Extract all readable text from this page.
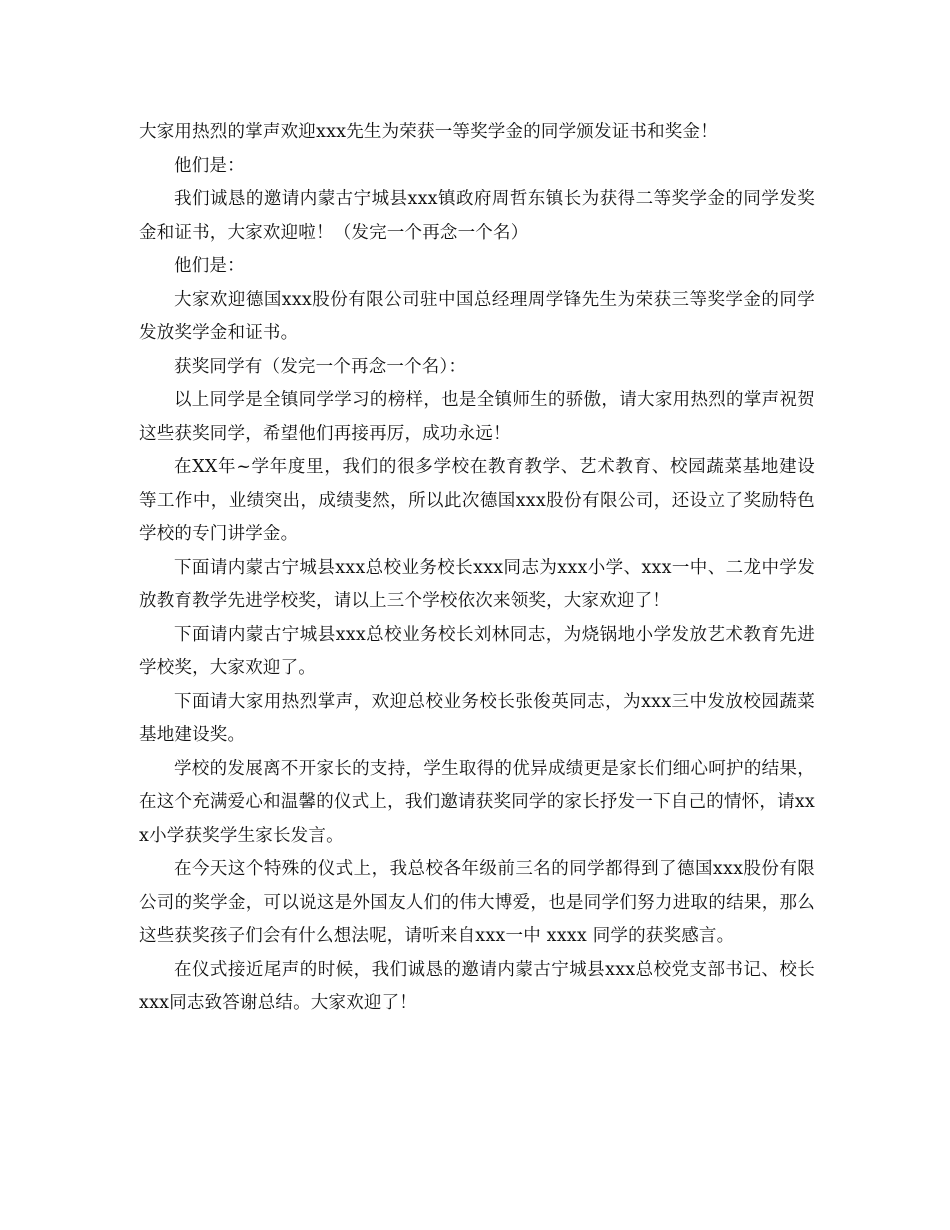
大家用热烈的掌声欢迎xxx先生为荣获一等奖学金的同学颁发证书和奖金！

他们是：

我们诚恳的邀请内蒙古宁城县xxx镇政府周哲东镇长为获得二等奖学金的同学发奖金和证书，大家欢迎啦！（发完一个再念一个名）

他们是：

大家欢迎德国xxx股份有限公司驻中国总经理周学锋先生为荣获三等奖学金的同学发放奖学金和证书。

获奖同学有（发完一个再念一个名）：

以上同学是全镇同学学习的榜样，也是全镇师生的骄傲，请大家用热烈的掌声祝贺这些获奖同学，希望他们再接再厉，成功永远！

在XX年~学年度里，我们的很多学校在教育教学、艺术教育、校园蔬菜基地建设等工作中，业绩突出，成绩斐然，所以此次德国xxx股份有限公司，还设立了奖励特色学校的专门讲学金。

下面请内蒙古宁城县xxx总校业务校长xxx同志为xxx小学、xxx一中、二龙中学发放教育教学先进学校奖，请以上三个学校依次来领奖，大家欢迎了！

下面请内蒙古宁城县xxx总校业务校长刘林同志，为烧锅地小学发放艺术教育先进学校奖，大家欢迎了。

下面请大家用热烈掌声，欢迎总校业务校长张俊英同志，为xxx三中发放校园蔬菜基地建设奖。

学校的发展离不开家长的支持，学生取得的优异成绩更是家长们细心呵护的结果，在这个充满爱心和温馨的仪式上，我们邀请获奖同学的家长抒发一下自己的情怀，请xxx小学获奖学生家长发言。

在今天这个特殊的仪式上，我总校各年级前三名的同学都得到了德国xxx股份有限公司的奖学金，可以说这是外国友人们的伟大博爱，也是同学们努力进取的结果，那么这些获奖孩子们会有什么想法呢，请听来自xxx一中 xxxx 同学的获奖感言。

在仪式接近尾声的时候，我们诚恳的邀请内蒙古宁城县xxx总校党支部书记、校长xxx同志致答谢总结。大家欢迎了！
